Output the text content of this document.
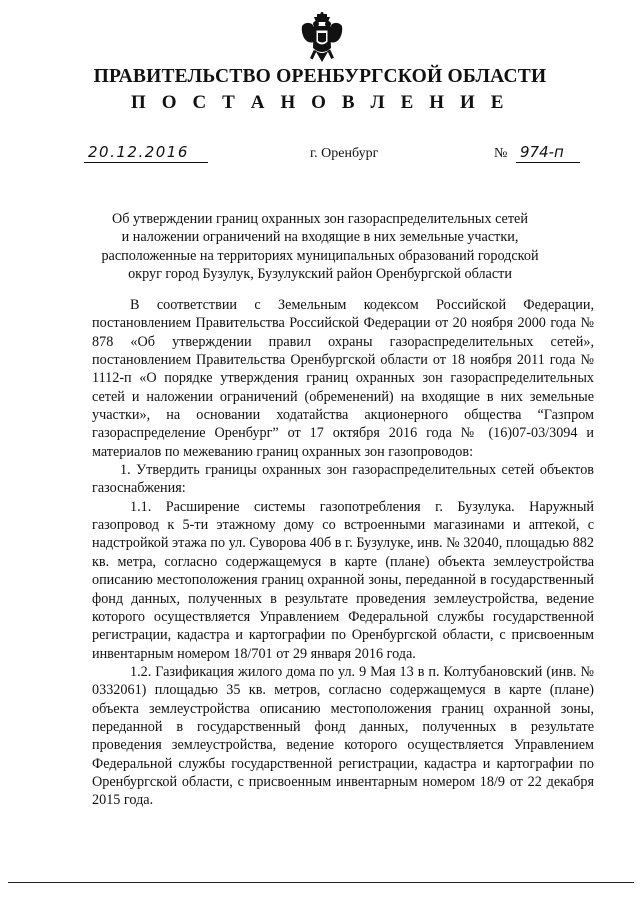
ПРАВИТЕЛЬСТВО ОРЕНБУРГСКОЙ ОБЛАСТИ
П О С Т А Н О В Л Е Н И Е
20.12.2016	г. Оренбург	№ 974-п
Об утверждении границ охранных зон газораспределительных сетей
и наложении ограничений на входящие в них земельные участки,
расположенные на территориях муниципальных образований городской
округ город Бузулук, Бузулукский район Оренбургской области

В соответствии с Земельным кодексом Российской Федерации, постановлением Правительства Российской Федерации от 20 ноября 2000 года № 878 «Об утверждении правил охраны газораспределительных сетей», постановлением Правительства Оренбургской области от 18 ноября 2011 года № 1112-п «О порядке утверждения границ охранных зон газораспределительных сетей и наложении ограничений (обременений) на входящие в них земельные участки», на основании ходатайства акционерного общества “Газпром газораспределение Оренбург” от 17 октября 2016 года № (16)07-03/3094 и материалов по межеванию границ охранных зон газопроводов:

1. Утвердить границы охранных зон газораспределительных сетей объектов газоснабжения:

1.1. Расширение системы газопотребления г. Бузулука. Наружный газопровод к 5-ти этажному дому со встроенными магазинами и аптекой, с надстройкой этажа по ул. Суворова 40б в г. Бузулуке, инв. № 32040, площадью 882 кв. метра, согласно содержащемуся в карте (плане) объекта землеустройства описанию местоположения границ охранной зоны, переданной в государственный фонд данных, полученных в результате проведения землеустройства, ведение которого осуществляется Управлением Федеральной службы государственной регистрации, кадастра и картографии по Оренбургской области, с присвоенным инвентарным номером 18/701 от 29 января 2016 года.

1.2. Газификация жилого дома по ул. 9 Мая 13 в п. Колтубановский (инв. № 0332061) площадью 35 кв. метров, согласно содержащемуся в карте (плане) объекта землеустройства описанию местоположения границ охранной зоны, переданной в государственный фонд данных, полученных в результате проведения землеустройства, ведение которого осуществляется Управлением Федеральной службы государственной регистрации, кадастра и картографии по Оренбургской области, с присвоенным инвентарным номером 18/9 от 22 декабря 2015 года.
